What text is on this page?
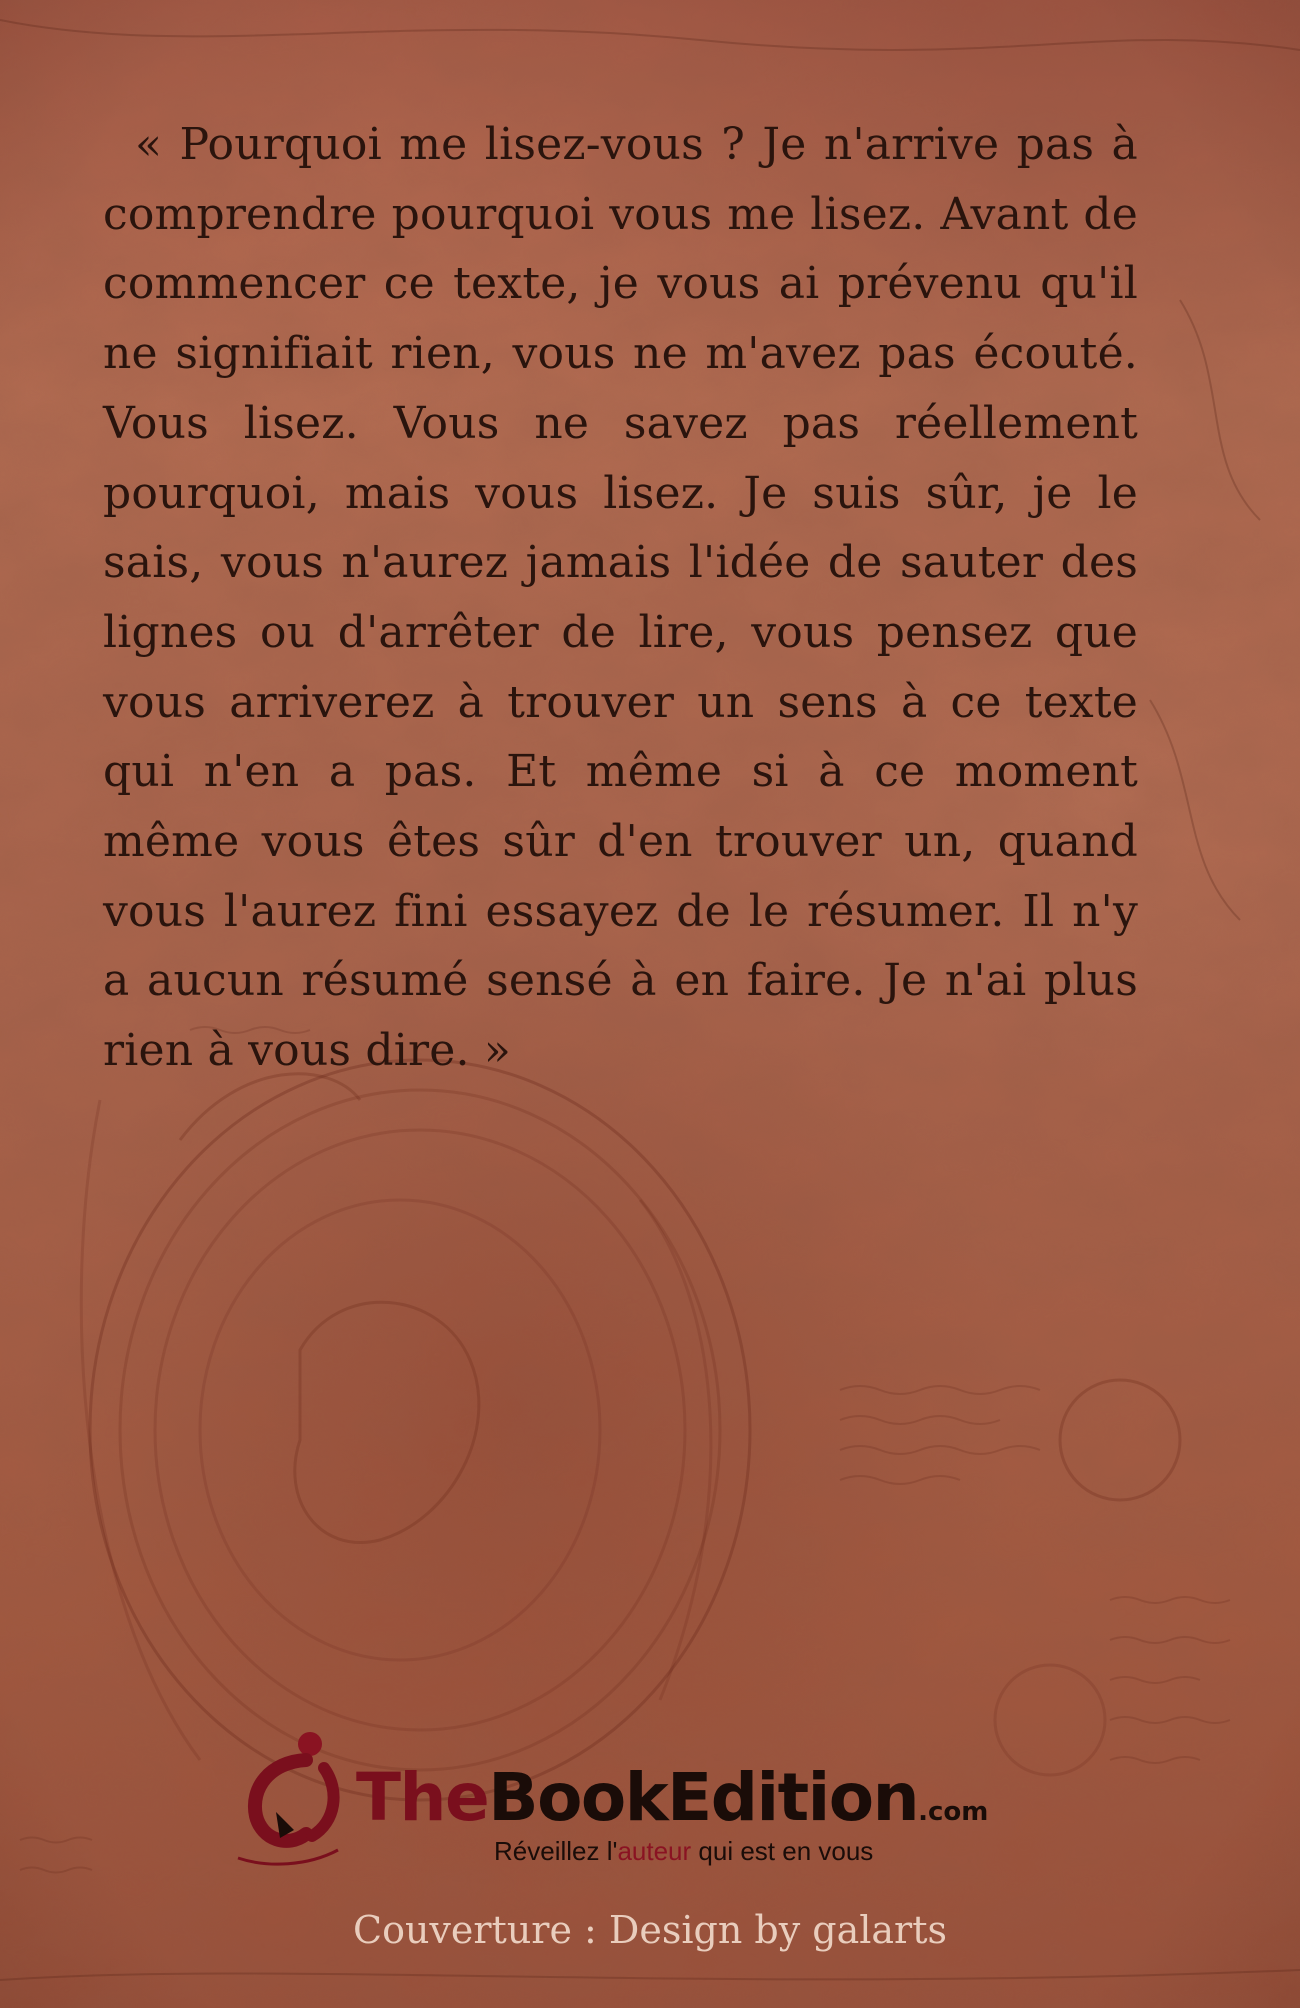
« Pourquoi me lisez-vous ? Je n'arrive pas à comprendre pourquoi vous me lisez. Avant de commencer ce texte, je vous ai prévenu qu'il ne signifiait rien, vous ne m'avez pas écouté. Vous lisez. Vous ne savez pas réellement pourquoi, mais vous lisez. Je suis sûr, je le sais, vous n'aurez jamais l'idée de sauter des lignes ou d'arrêter de lire, vous pensez que vous arriverez à trouver un sens à ce texte qui n'en a pas. Et même si à ce moment même vous êtes sûr d'en trouver un, quand vous l'aurez fini essayez de le résumer. Il n'y a aucun résumé sensé à en faire. Je n'ai plus rien à vous dire. »

TheBookEdition.com
Réveillez l'auteur qui est en vous
Couverture : Design by galarts
